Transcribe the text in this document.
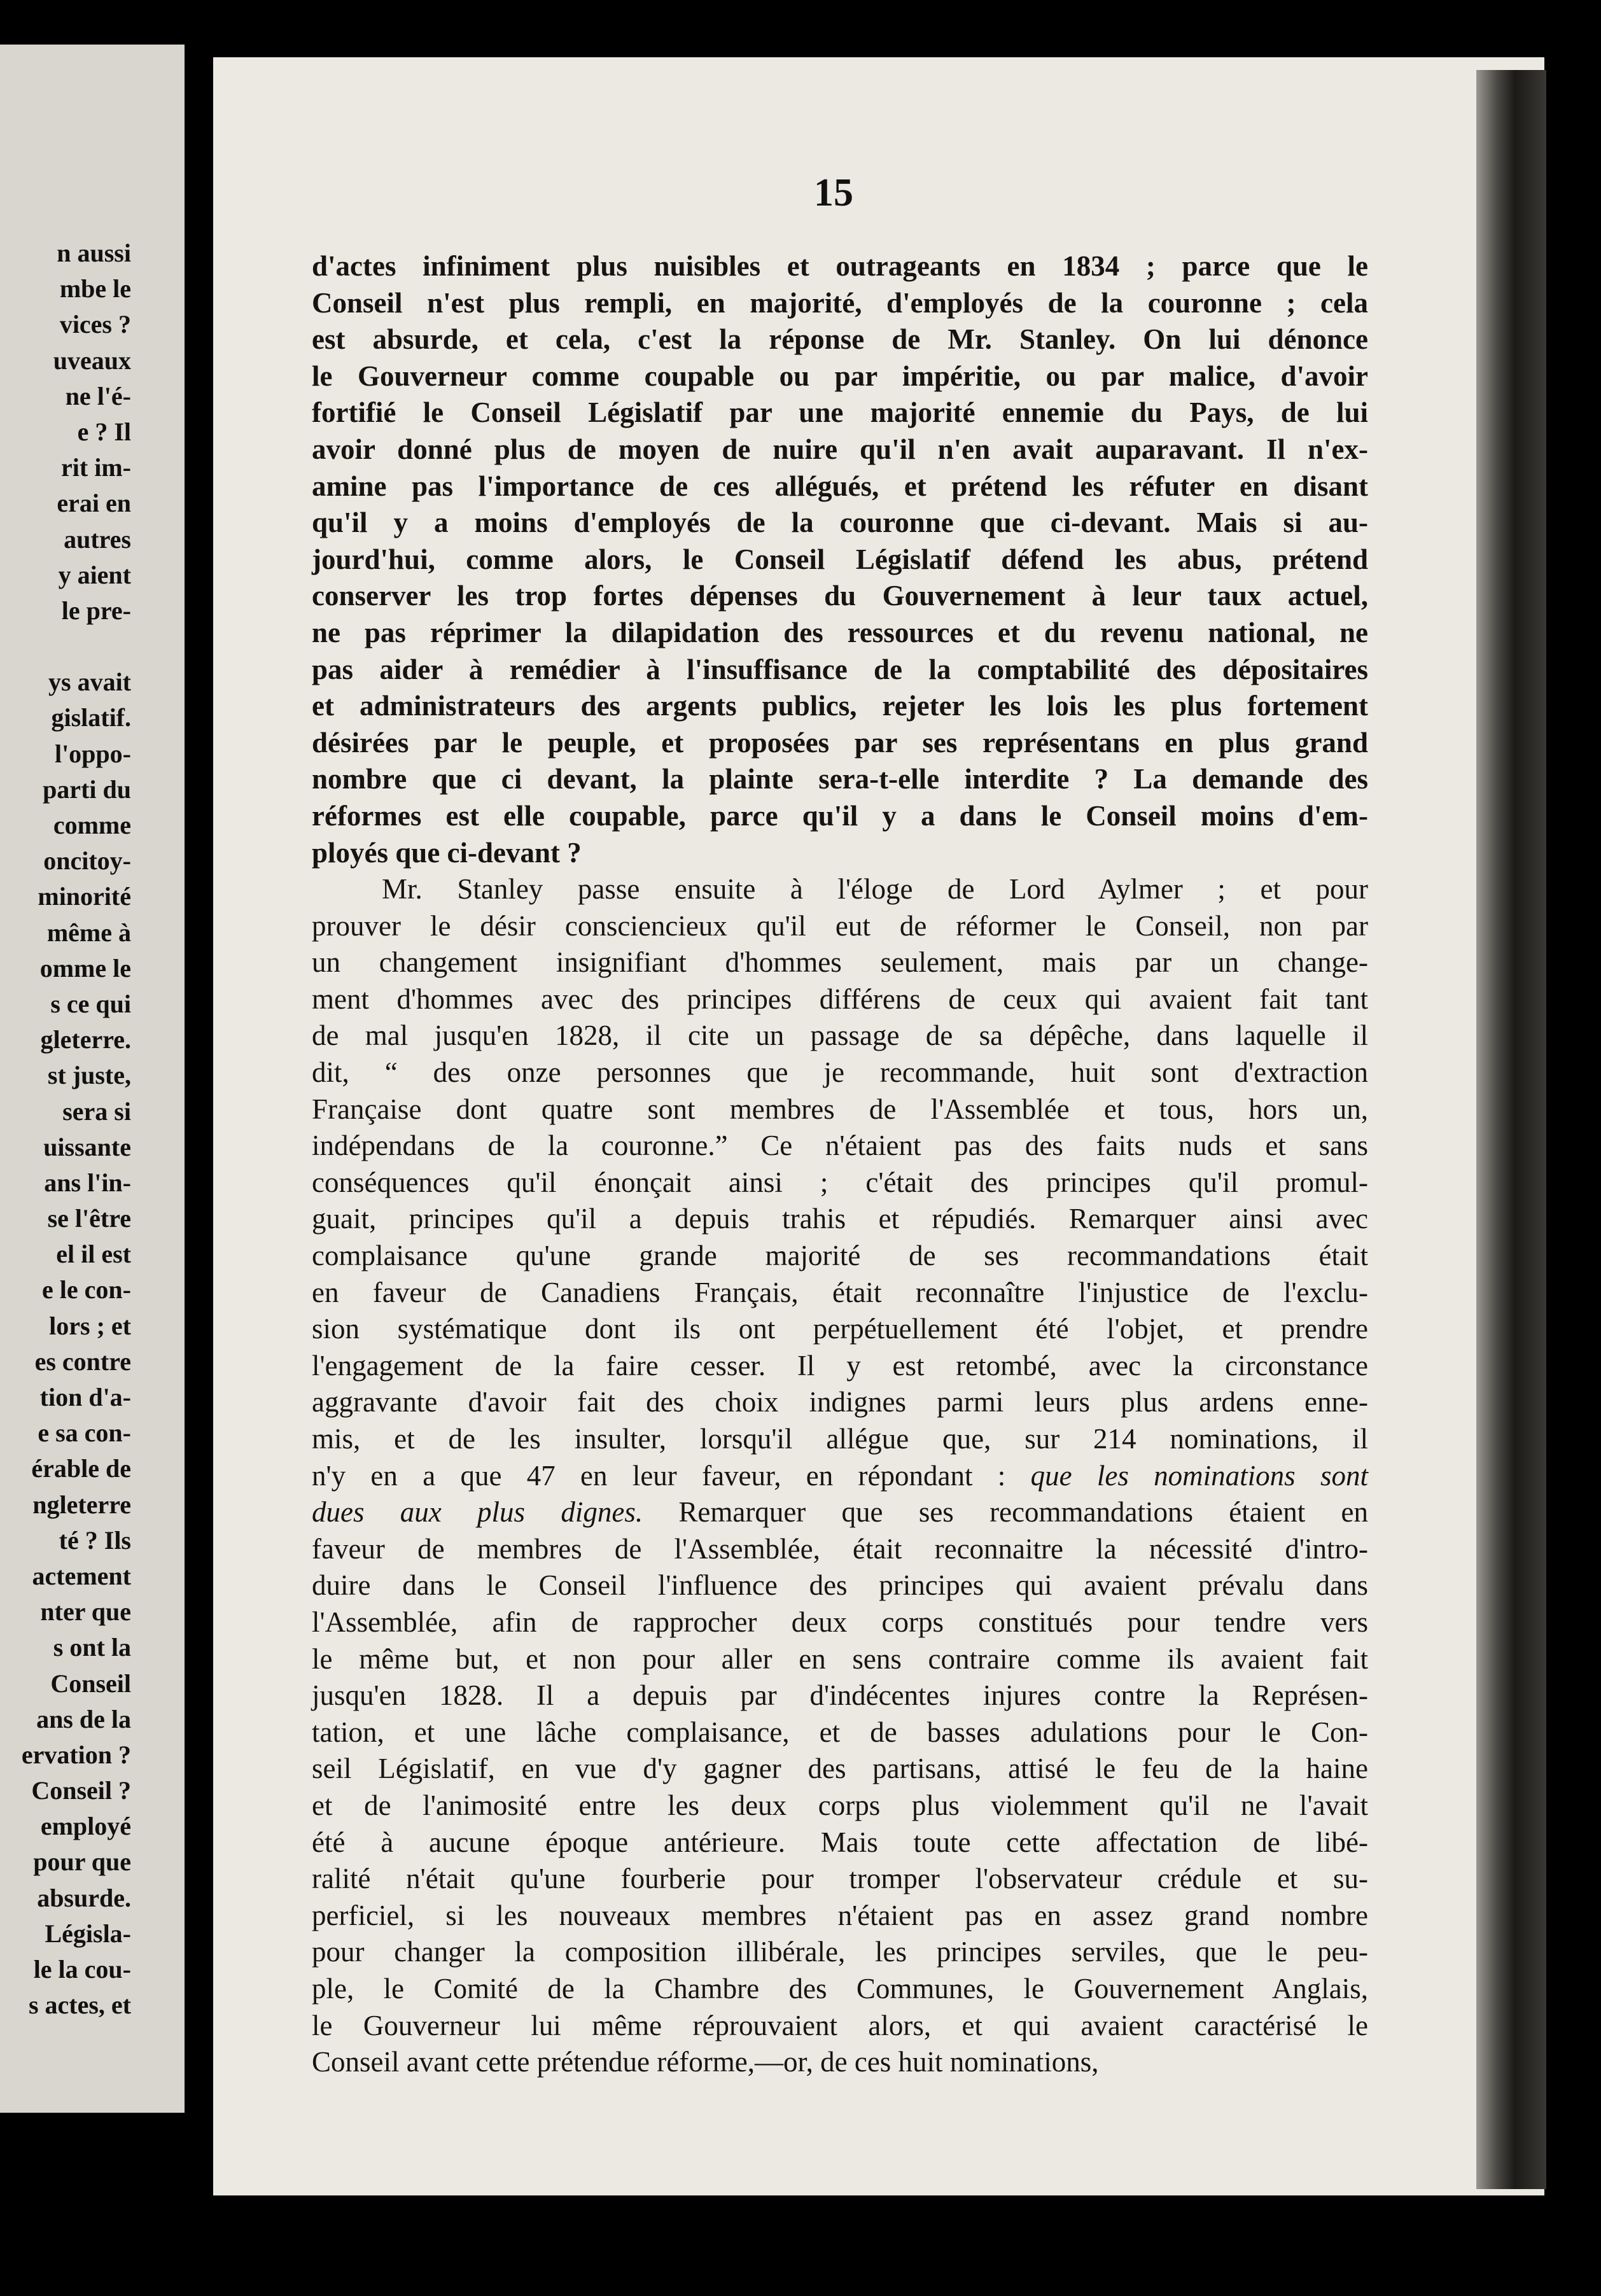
n aussi
mbe le
vices ?
uveaux
ne l'é-
e ? Il
rit im-
erai en
autres
y aient
le pre-
ys avait
gislatif.
l'oppo-
parti du
comme
oncitoy-
minorité
même à
omme le
s ce qui
gleterre.
st juste,
sera si
uissante
ans l'in-
se l'être
el il est
e le con-
lors ; et
es contre
tion d'a-
e sa con-
érable de
ngleterre
té ? Ils
actement
nter que
s ont la
Conseil
ans de la
ervation ?
Conseil ?
employé
pour que
absurde.
Législa-
le la cou-
s actes, et
15
d'actes infiniment plus nuisibles et outrageants en 1834 ; parce que le
Conseil n'est plus rempli, en majorité, d'employés de la couronne ; cela
est absurde, et cela, c'est la réponse de Mr. Stanley. On lui dénonce
le Gouverneur comme coupable ou par impéritie, ou par malice, d'avoir
fortifié le Conseil Législatif par une majorité ennemie du Pays, de lui
avoir donné plus de moyen de nuire qu'il n'en avait auparavant. Il n'ex-
amine pas l'importance de ces allégués, et prétend les réfuter en disant
qu'il y a moins d'employés de la couronne que ci-devant. Mais si au-
jourd'hui, comme alors, le Conseil Législatif défend les abus, prétend
conserver les trop fortes dépenses du Gouvernement à leur taux actuel,
ne pas réprimer la dilapidation des ressources et du revenu national, ne
pas aider à remédier à l'insuffisance de la comptabilité des dépositaires
et administrateurs des argents publics, rejeter les lois les plus fortement
désirées par le peuple, et proposées par ses représentans en plus grand
nombre que ci devant, la plainte sera-t-elle interdite ? La demande des
réformes est elle coupable, parce qu'il y a dans le Conseil moins d'em-
ployés que ci-devant ?
Mr. Stanley passe ensuite à l'éloge de Lord Aylmer ; et pour
prouver le désir consciencieux qu'il eut de réformer le Conseil, non par
un changement insignifiant d'hommes seulement, mais par un change-
ment d'hommes avec des principes différens de ceux qui avaient fait tant
de mal jusqu'en 1828, il cite un passage de sa dépêche, dans laquelle il
dit, “ des onze personnes que je recommande, huit sont d'extraction
Française dont quatre sont membres de l'Assemblée et tous, hors un,
indépendans de la couronne.” Ce n'étaient pas des faits nuds et sans
conséquences qu'il énonçait ainsi ; c'était des principes qu'il promul-
guait, principes qu'il a depuis trahis et répudiés. Remarquer ainsi avec
complaisance qu'une grande majorité de ses recommandations était
en faveur de Canadiens Français, était reconnaître l'injustice de l'exclu-
sion systématique dont ils ont perpétuellement été l'objet, et prendre
l'engagement de la faire cesser. Il y est retombé, avec la circonstance
aggravante d'avoir fait des choix indignes parmi leurs plus ardens enne-
mis, et de les insulter, lorsqu'il allégue que, sur 214 nominations, il
n'y en a que 47 en leur faveur, en répondant : que les nominations sont
dues aux plus dignes. Remarquer que ses recommandations étaient en
faveur de membres de l'Assemblée, était reconnaitre la nécessité d'intro-
duire dans le Conseil l'influence des principes qui avaient prévalu dans
l'Assemblée, afin de rapprocher deux corps constitués pour tendre vers
le même but, et non pour aller en sens contraire comme ils avaient fait
jusqu'en 1828. Il a depuis par d'indécentes injures contre la Représen-
tation, et une lâche complaisance, et de basses adulations pour le Con-
seil Législatif, en vue d'y gagner des partisans, attisé le feu de la haine
et de l'animosité entre les deux corps plus violemment qu'il ne l'avait
été à aucune époque antérieure. Mais toute cette affectation de libé-
ralité n'était qu'une fourberie pour tromper l'observateur crédule et su-
perficiel, si les nouveaux membres n'étaient pas en assez grand nombre
pour changer la composition illibérale, les principes serviles, que le peu-
ple, le Comité de la Chambre des Communes, le Gouvernement Anglais,
le Gouverneur lui même réprouvaient alors, et qui avaient caractérisé le
Conseil avant cette prétendue réforme,—or, de ces huit nominations,
